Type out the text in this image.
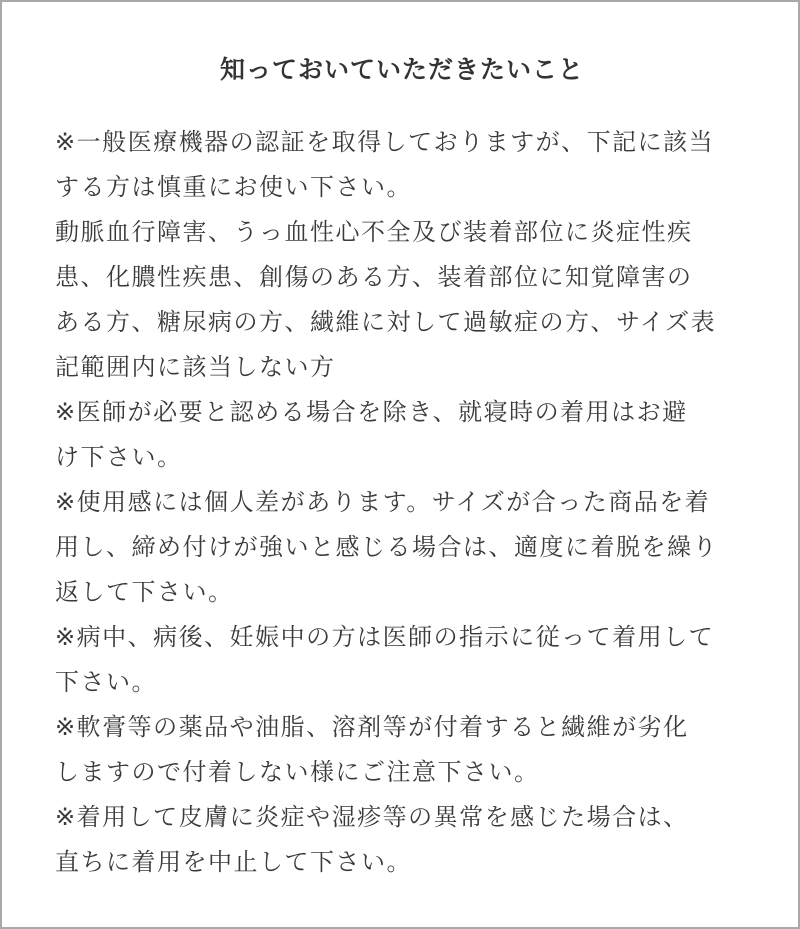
知っておいていただきたいこと
※一般医療機器の認証を取得しておりますが、下記に該当
する方は慎重にお使い下さい。
動脈血行障害、うっ血性心不全及び装着部位に炎症性疾
患、化膿性疾患、創傷のある方、装着部位に知覚障害の
ある方、糖尿病の方、繊維に対して過敏症の方、サイズ表
記範囲内に該当しない方
※医師が必要と認める場合を除き、就寝時の着用はお避
け下さい。
※使用感には個人差があります。サイズが合った商品を着
用し、締め付けが強いと感じる場合は、適度に着脱を繰り
返して下さい。
※病中、病後、妊娠中の方は医師の指示に従って着用して
下さい。
※軟膏等の薬品や油脂、溶剤等が付着すると繊維が劣化
しますので付着しない様にご注意下さい。
※着用して皮膚に炎症や湿疹等の異常を感じた場合は、
直ちに着用を中止して下さい。
